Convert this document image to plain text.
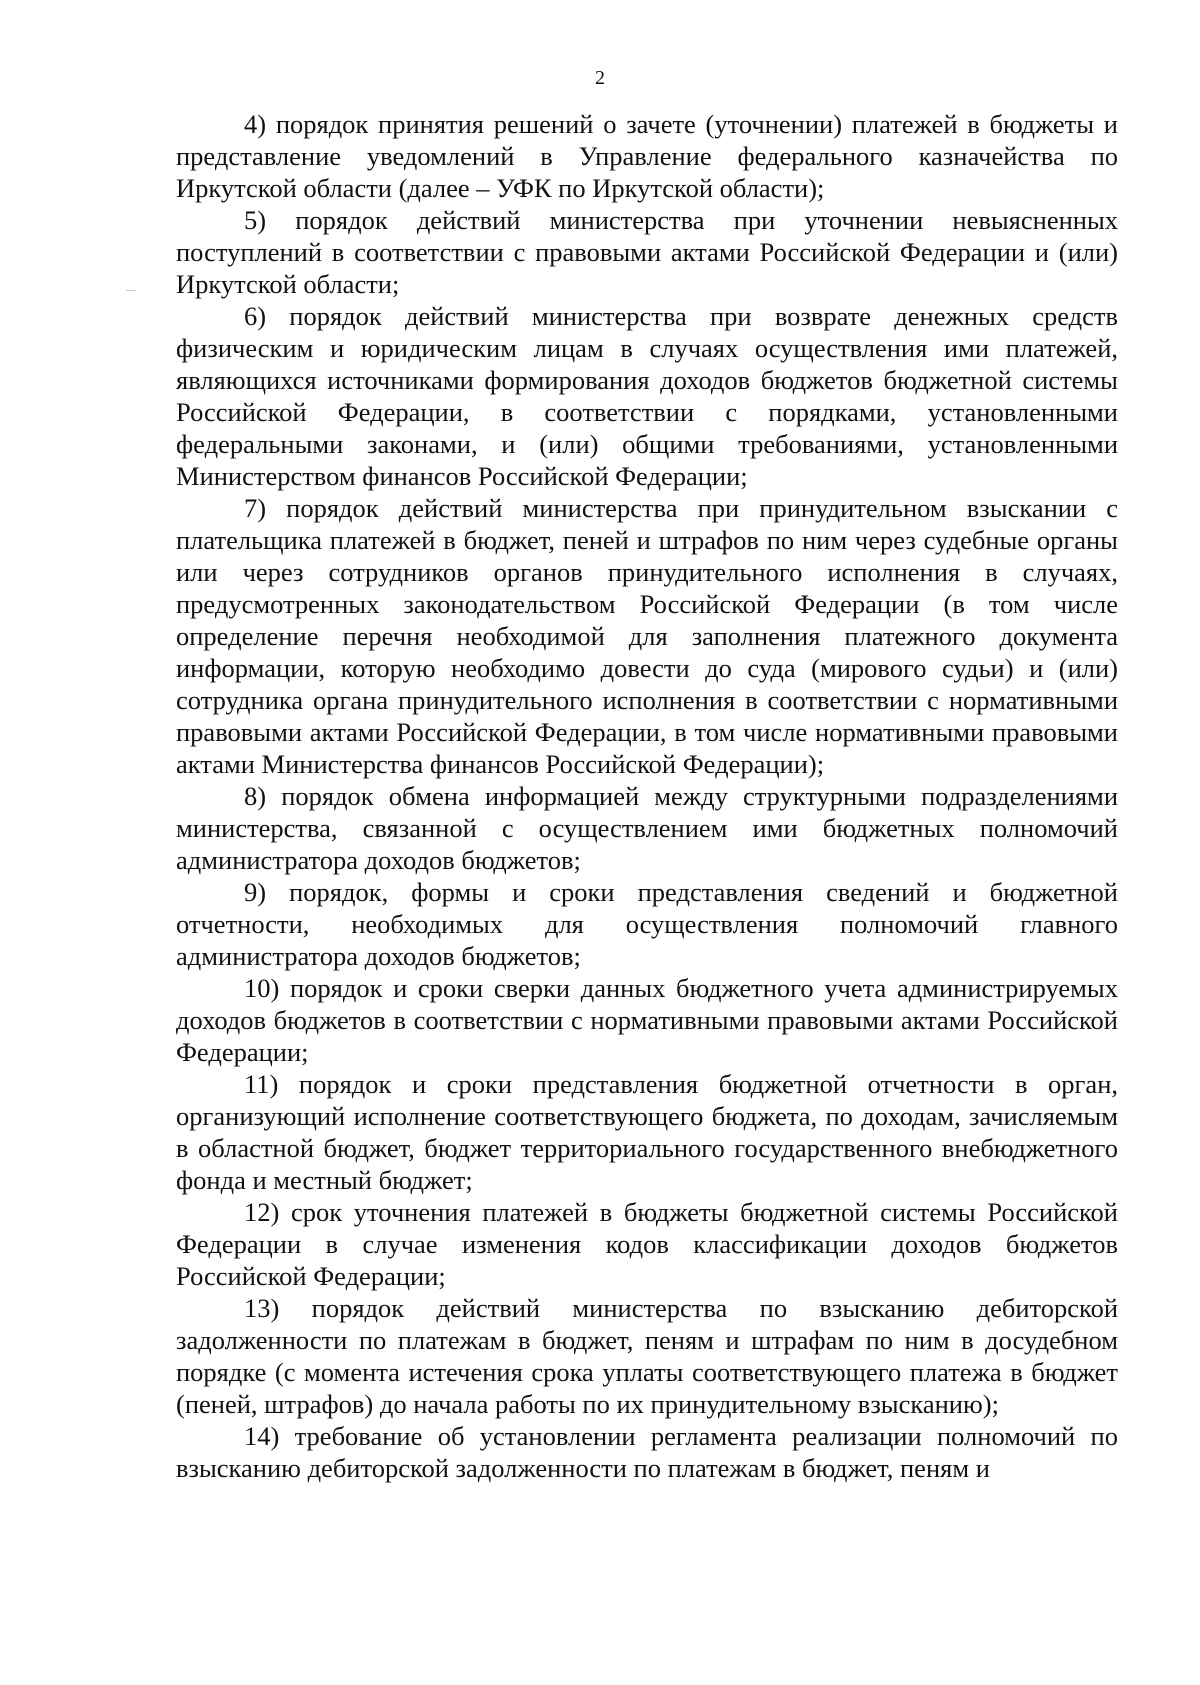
2

4) порядок принятия решений о зачете (уточнении) платежей в бюджеты и представление уведомлений в Управление федерального казначейства по Иркутской области (далее – УФК по Иркутской области);

5) порядок действий министерства при уточнении невыясненных поступлений в соответствии с правовыми актами Российской Федерации и (или) Иркутской области;

6) порядок действий министерства при возврате денежных средств физическим и юридическим лицам в случаях осуществления ими платежей, являющихся источниками формирования доходов бюджетов бюджетной системы Российской Федерации, в соответствии с порядками, установленными федеральными законами, и (или) общими требованиями, установленными Министерством финансов Российской Федерации;

7) порядок действий министерства при принудительном взыскании с плательщика платежей в бюджет, пеней и штрафов по ним через судебные органы или через сотрудников органов принудительного исполнения в случаях, предусмотренных законодательством Российской Федерации (в том числе определение перечня необходимой для заполнения платежного документа информации, которую необходимо довести до суда (мирового судьи) и (или) сотрудника органа принудительного исполнения в соответствии с нормативными правовыми актами Российской Федерации, в том числе нормативными правовыми актами Министерства финансов Российской Федерации);

8) порядок обмена информацией между структурными подразделениями министерства, связанной с осуществлением ими бюджетных полномочий администратора доходов бюджетов;

9) порядок, формы и сроки представления сведений и бюджетной отчетности, необходимых для осуществления полномочий главного администратора доходов бюджетов;

10) порядок и сроки сверки данных бюджетного учета администрируемых доходов бюджетов в соответствии с нормативными правовыми актами Российской Федерации;

11) порядок и сроки представления бюджетной отчетности в орган, организующий исполнение соответствующего бюджета, по доходам, зачисляемым в областной бюджет, бюджет территориального государственного внебюджетного фонда и местный бюджет;

12) срок уточнения платежей в бюджеты бюджетной системы Российской Федерации в случае изменения кодов классификации доходов бюджетов Российской Федерации;

13) порядок действий министерства по взысканию дебиторской задолженности по платежам в бюджет, пеням и штрафам по ним в досудебном порядке (с момента истечения срока уплаты соответствующего платежа в бюджет (пеней, штрафов) до начала работы по их принудительному взысканию);

14) требование об установлении регламента реализации полномочий по взысканию дебиторской задолженности по платежам в бюджет, пеням и
